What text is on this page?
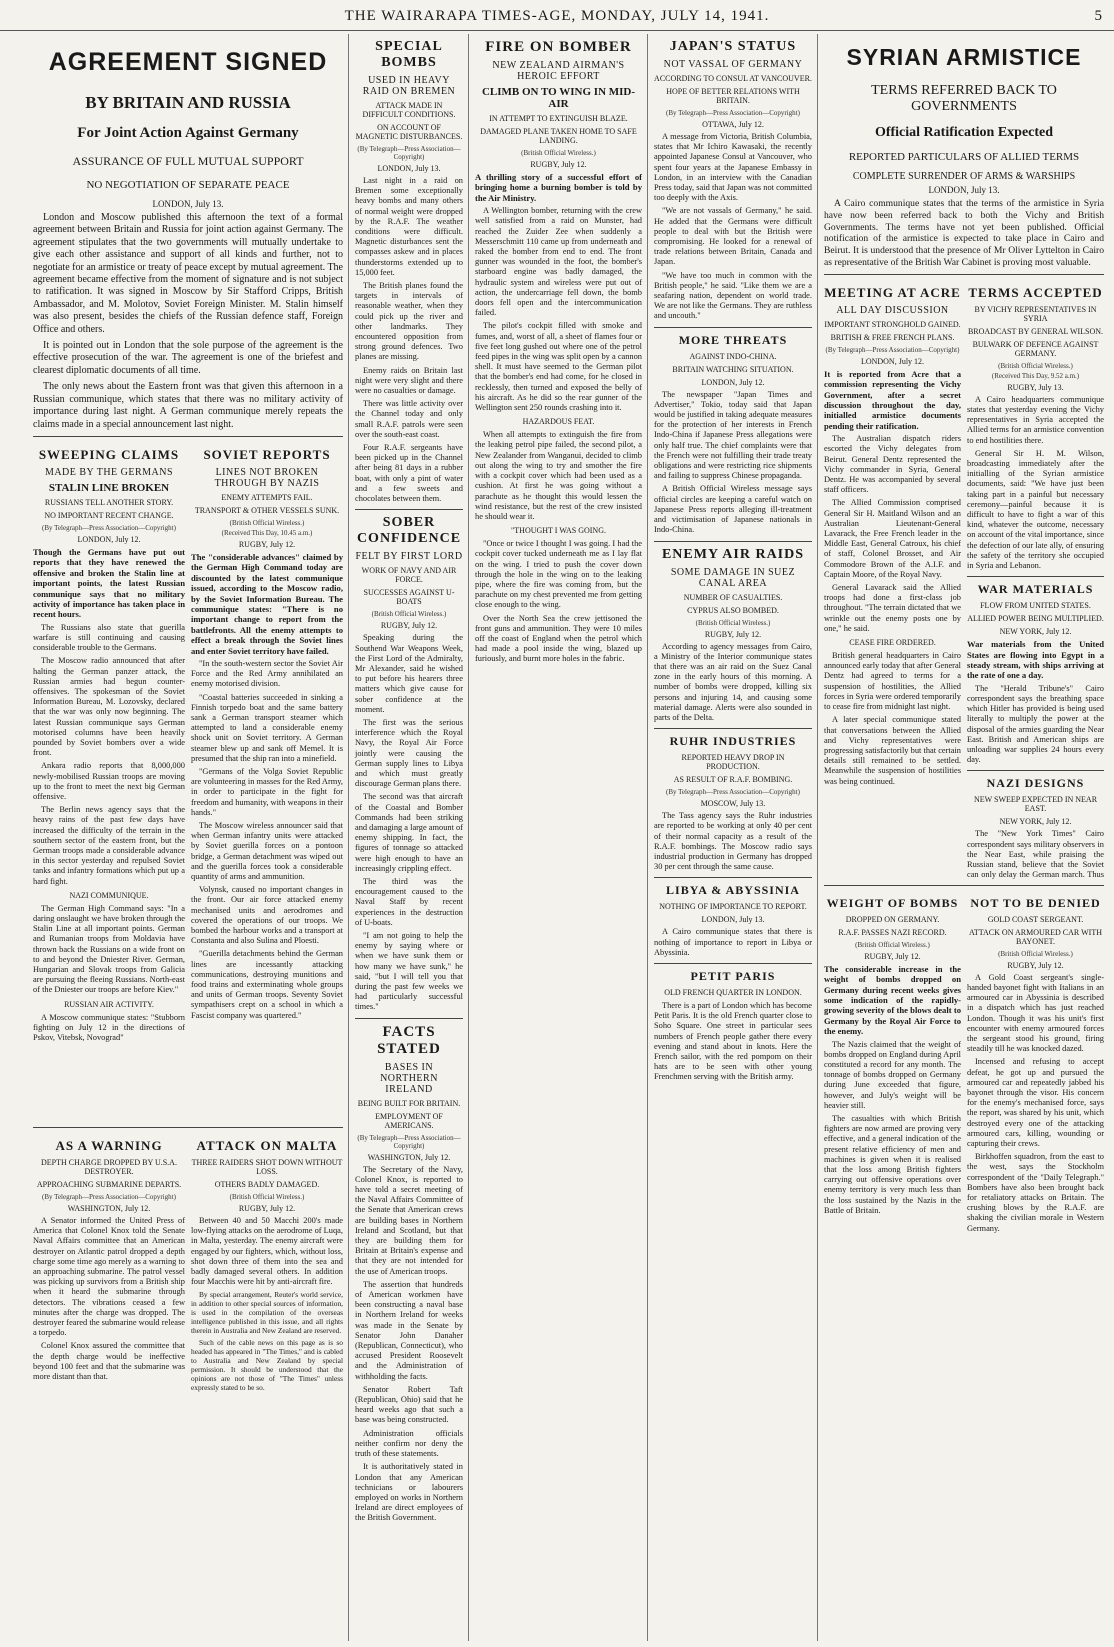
THE WAIRARAPA TIMES-AGE, MONDAY, JULY 14, 1941.	5
AGREEMENT SIGNED
BY BRITAIN AND RUSSIA
For Joint Action Against Germany
ASSURANCE OF FULL MUTUAL SUPPORT
NO NEGOTIATION OF SEPARATE PEACE
LONDON, July 13.

London and Moscow published this afternoon the text of a formal agreement between Britain and Russia for joint action against Germany. The agreement stipulates that the two governments will mutually undertake to give each other assistance and support of all kinds and further, not to negotiate for an armistice or treaty of peace except by mutual agreement. The agreement became effective from the moment of signature and is not subject to ratification. It was signed in Moscow by Sir Stafford Cripps, British Ambassador, and M. Molotov, Soviet Foreign Minister. M. Stalin himself was also present, besides the chiefs of the Russian defence staff, Foreign Office and others.

It is pointed out in London that the sole purpose of the agreement is the effective prosecution of the war. The agreement is one of the briefest and clearest diplomatic documents of all time.

The only news about the Eastern front was that given this afternoon in a Russian communique, which states that there was no military activity of importance during last night. A German communique merely repeats the claims made in a special announcement last night.

SWEEPING CLAIMS
MADE BY THE GERMANS
STALIN LINE BROKEN
RUSSIANS TELL ANOTHER STORY.
NO IMPORTANT RECENT CHANGE.
(By Telegraph—Press Association—Copyright)
LONDON, July 12.

Though the Germans have put out reports that they have renewed the offensive and broken the Stalin line at important points, the latest Russian communique says that no military activity of importance has taken place in recent hours.

The Russians also state that guerilla warfare is still continuing and causing considerable trouble to the Germans.

The Moscow radio announced that after halting the German panzer attack, the Russian armies had begun counter-offensives. The spokesman of the Soviet Information Bureau, M. Lozovsky, declared that the war was only now beginning. The latest Russian communique says German motorised columns have been heavily pounded by Soviet bombers over a wide front.

Ankara radio reports that 8,000,000 newly-mobilised Russian troops are moving up to the front to meet the next big German offensive.

The Berlin news agency says that the heavy rains of the past few days have increased the difficulty of the terrain in the southern sector of the eastern front, but the German troops made a considerable advance in this sector yesterday and repulsed Soviet tanks and infantry formations which put up a hard fight.

NAZI COMMUNIQUE.

The German High Command says: "In a daring onslaught we have broken through the Stalin Line at all important points. German and Rumanian troops from Moldavia have thrown back the Russians on a wide front on to and beyond the Dniester River. German, Hungarian and Slovak troops from Galicia are pursuing the fleeing Russians. North-east of the Dniester our troops are before Kiev."

RUSSIAN AIR ACTIVITY.

A Moscow communique states: "Stubborn fighting on July 12 in the directions of Pskov, Vitebsk, Novograd"

SOVIET REPORTS
LINES NOT BROKEN THROUGH BY NAZIS
ENEMY ATTEMPTS FAIL.
TRANSPORT & OTHER VESSELS SUNK.
(British Official Wireless.)
(Received This Day, 10.45 a.m.)
RUGBY, July 12.

The "considerable advances" claimed by the German High Command today are discounted by the latest communique issued, according to the Moscow radio, by the Soviet Information Bureau. The communique states: "There is no important change to report from the battlefronts. All the enemy attempts to effect a break through the Soviet lines and enter Soviet territory have failed.

"In the south-western sector the Soviet Air Force and the Red Army annihilated an enemy motorised division.

"Coastal batteries succeeded in sinking a Finnish torpedo boat and the same battery sank a German transport steamer which attempted to land a considerable enemy shock unit on Soviet territory. A German steamer blew up and sank off Memel. It is presumed that the ship ran into a minefield.

"Germans of the Volga Soviet Republic are volunteering in masses for the Red Army, in order to participate in the fight for freedom and humanity, with weapons in their hands."

The Moscow wireless announcer said that when German infantry units were attacked by Soviet guerilla forces on a pontoon bridge, a German detachment was wiped out and the guerilla forces took a considerable quantity of arms and ammunition.

Volynsk, caused no important changes in the front. Our air force attacked enemy mechanised units and aerodromes and covered the operations of our troops. We bombed the harbour works and a transport at Constanta and also Sulina and Ploesti.

"Guerilla detachments behind the German lines are incessantly attacking communications, destroying munitions and food trains and exterminating whole groups and units of German troops. Seventy Soviet sympathisers crept on a school in which a Fascist company was quartered."

AS A WARNING
DEPTH CHARGE DROPPED BY U.S.A. DESTROYER.
APPROACHING SUBMARINE DEPARTS.
(By Telegraph—Press Association—Copyright)
WASHINGTON, July 12.

A Senator informed the United Press of America that Colonel Knox told the Senate Naval Affairs committee that an American destroyer on Atlantic patrol dropped a depth charge some time ago merely as a warning to an approaching submarine. The patrol vessel was picking up survivors from a British ship when it heard the submarine through detectors. The vibrations ceased a few minutes after the charge was dropped. The destroyer feared the submarine would release a torpedo.

Colonel Knox assured the committee that the depth charge would be ineffective beyond 100 feet and that the submarine was more distant than that.

ATTACK ON MALTA
THREE RAIDERS SHOT DOWN WITHOUT LOSS.
OTHERS BADLY DAMAGED.
(British Official Wireless.)
RUGBY, July 12.

Between 40 and 50 Macchi 200's made low-flying attacks on the aerodrome of Luqa, in Malta, yesterday. The enemy aircraft were engaged by our fighters, which, without loss, shot down three of them into the sea and badly damaged several others. In addition four Macchis were hit by anti-aircraft fire.

By special arrangement, Reuter's world service, in addition to other special sources of information, is used in the compilation of the overseas intelligence published in this issue, and all rights therein in Australia and New Zealand are reserved.

Such of the cable news on this page as is so headed has appeared in "The Times," and is cabled to Australia and New Zealand by special permission. It should be understood that the opinions are not those of "The Times" unless expressly stated to be so.

SPECIAL BOMBS
USED IN HEAVY RAID ON BREMEN
ATTACK MADE IN DIFFICULT CONDITIONS.
ON ACCOUNT OF MAGNETIC DISTURBANCES.
(By Telegraph—Press Association—Copyright)
LONDON, July 13.

Last night in a raid on Bremen some exceptionally heavy bombs and many others of normal weight were dropped by the R.A.F. The weather conditions were difficult. Magnetic disturbances sent the compasses askew and in places thunderstorms extended up to 15,000 feet.

The British planes found the targets in intervals of reasonable weather, when they could pick up the river and other landmarks. They encountered opposition from strong ground defences. Two planes are missing.

Enemy raids on Britain last night were very slight and there were no casualties or damage.

There was little activity over the Channel today and only small R.A.F. patrols were seen over the south-east coast.

Four R.A.F. sergeants have been picked up in the Channel after being 81 days in a rubber boat, with only a pint of water and a few sweets and chocolates between them.

SOBER CONFIDENCE
FELT BY FIRST LORD
WORK OF NAVY AND AIR FORCE.
SUCCESSES AGAINST U-BOATS
(British Official Wireless.)
RUGBY, July 12.

Speaking during the Southend War Weapons Week, the First Lord of the Admiralty, Mr Alexander, said he wished to put before his hearers three matters which give cause for sober confidence at the moment.

The first was the serious interference which the Royal Navy, the Royal Air Force jointly were causing the German supply lines to Libya and which must greatly discourage German plans there.

The second was that aircraft of the Coastal and Bomber Commands had been striking and damaging a large amount of enemy shipping. In fact, the figures of tonnage so attacked were high enough to have an increasingly crippling effect.

The third was the encouragement caused to the Naval Staff by recent experiences in the destruction of U-boats.

"I am not going to help the enemy by saying where or when we have sunk them or how many we have sunk," he said, "but I will tell you that during the past few weeks we had particularly successful times."

FACTS STATED
BASES IN NORTHERN IRELAND
BEING BUILT FOR BRITAIN.
EMPLOYMENT OF AMERICANS.
(By Telegraph—Press Association—Copyright)
WASHINGTON, July 12.

The Secretary of the Navy, Colonel Knox, is reported to have told a secret meeting of the Naval Affairs Committee of the Senate that American crews are building bases in Northern Ireland and Scotland, but that they are building them for Britain at Britain's expense and that they are not intended for the use of American troops.

The assertion that hundreds of American workmen have been constructing a naval base in Northern Ireland for weeks was made in the Senate by Senator John Danaher (Republican, Connecticut), who accused President Roosevelt and the Administration of withholding the facts.

Senator Robert Taft (Republican, Ohio) said that he heard weeks ago that such a base was being constructed.

Administration officials neither confirm nor deny the truth of these statements.

It is authoritatively stated in London that any American technicians or labourers employed on works in Northern Ireland are direct employees of the British Government.

FIRE ON BOMBER
NEW ZEALAND AIRMAN'S HEROIC EFFORT
CLIMB ON TO WING IN MID-AIR
IN ATTEMPT TO EXTINGUISH BLAZE.
DAMAGED PLANE TAKEN HOME TO SAFE LANDING.
(British Official Wireless.)
RUGBY, July 12.

A thrilling story of a successful effort of bringing home a burning bomber is told by the Air Ministry.

A Wellington bomber, returning with the crew well satisfied from a raid on Munster, had reached the Zuider Zee when suddenly a Messerschmitt 110 came up from underneath and raked the bomber from end to end. The front gunner was wounded in the foot, the bomber's starboard engine was badly damaged, the hydraulic system and wireless were put out of action, the undercarriage fell down, the bomb doors fell open and the intercommunication failed.

The pilot's cockpit filled with smoke and fumes, and, worst of all, a sheet of flames four or five feet long gushed out where one of the petrol feed pipes in the wing was split open by a cannon shell. It must have seemed to the German pilot that the bomber's end had come, for he closed in recklessly, then turned and exposed the belly of his aircraft. As he did so the rear gunner of the Wellington sent 250 rounds crashing into it.

HAZARDOUS FEAT.

When all attempts to extinguish the fire from the leaking petrol pipe failed, the second pilot, a New Zealander from Wanganui, decided to climb out along the wing to try and smother the fire with a cockpit cover which had been used as a cushion. At first he was going without a parachute as he thought this would lessen the wind resistance, but the rest of the crew insisted he should wear it.

"THOUGHT I WAS GOING.

"Once or twice I thought I was going. I had the cockpit cover tucked underneath me as I lay flat on the wing. I tried to push the cover down through the hole in the wing on to the leaking pipe, where the fire was coming from, but the parachute on my chest prevented me from getting close enough to the wing.

Over the North Sea the crew jettisoned the front guns and ammunition. They were 10 miles off the coast of England when the petrol which had made a pool inside the wing, blazed up furiously, and burnt more holes in the fabric.

JAPAN'S STATUS
NOT VASSAL OF GERMANY
ACCORDING TO CONSUL AT VANCOUVER.
HOPE OF BETTER RELATIONS WITH BRITAIN.
(By Telegraph—Press Association—Copyright)
OTTAWA, July 12.

A message from Victoria, British Columbia, states that Mr Ichiro Kawasaki, the recently appointed Japanese Consul at Vancouver, who spent four years at the Japanese Embassy in London, in an interview with the Canadian Press today, said that Japan was not committed too deeply with the Axis.

"We are not vassals of Germany," he said. He added that the Germans were difficult people to deal with but the British were compromising. He looked for a renewal of trade relations between Britain, Canada and Japan.

"We have too much in common with the British people," he said. "Like them we are a seafaring nation, dependent on world trade. We are not like the Germans. They are ruthless and uncouth."

MORE THREATS
AGAINST INDO-CHINA.
BRITAIN WATCHING SITUATION.
LONDON, July 12.

The newspaper "Japan Times and Advertiser," Tokio, today said that Japan would be justified in taking adequate measures for the protection of her interests in French Indo-China if Japanese Press allegations were only half true. The chief complaints were that the French were not fulfilling their trade treaty obligations and were restricting rice shipments and failing to suppress Chinese propaganda.

A British Official Wireless message says official circles are keeping a careful watch on Japanese Press reports alleging ill-treatment and victimisation of Japanese nationals in Indo-China.

ENEMY AIR RAIDS
SOME DAMAGE IN SUEZ CANAL AREA
NUMBER OF CASUALTIES.
CYPRUS ALSO BOMBED.
(British Official Wireless.)
RUGBY, July 12.

According to agency messages from Cairo, a Ministry of the Interior communique states that there was an air raid on the Suez Canal zone in the early hours of this morning. A number of bombs were dropped, killing six persons and injuring 14, and causing some material damage. Alerts were also sounded in parts of the Delta.

RUHR INDUSTRIES
REPORTED HEAVY DROP IN PRODUCTION.
AS RESULT OF R.A.F. BOMBING.
(By Telegraph—Press Association—Copyright)
MOSCOW, July 13.

The Tass agency says the Ruhr industries are reported to be working at only 40 per cent of their normal capacity as a result of the R.A.F. bombings. The Moscow radio says industrial production in Germany has dropped 30 per cent through the same cause.

LIBYA & ABYSSINIA
NOTHING OF IMPORTANCE TO REPORT.
LONDON, July 13.

A Cairo communique states that there is nothing of importance to report in Libya or Abyssinia.

PETIT PARIS
OLD FRENCH QUARTER IN LONDON.

There is a part of London which has become Petit Paris. It is the old French quarter close to Soho Square. One street in particular sees numbers of French people gather there every evening and stand about in knots. Here the French sailor, with the red pompom on their hats are to be seen with other young Frenchmen serving with the British army.

SYRIAN ARMISTICE
TERMS REFERRED BACK TO GOVERNMENTS
Official Ratification Expected
REPORTED PARTICULARS OF ALLIED TERMS
COMPLETE SURRENDER OF ARMS & WARSHIPS
LONDON, July 13.

A Cairo communique states that the terms of the armistice in Syria have now been referred back to both the Vichy and British Governments. The terms have not yet been published. Official notification of the armistice is expected to take place in Cairo and Beirut. It is understood that the presence of Mr Oliver Lyttelton in Cairo as representative of the British War Cabinet is proving most valuable.

MEETING AT ACRE
ALL DAY DISCUSSION
IMPORTANT STRONGHOLD GAINED.
BRITISH & FREE FRENCH PLANS.
(By Telegraph—Press Association—Copyright)
LONDON, July 12.

It is reported from Acre that a commission representing the Vichy Government, after a secret discussion throughout the day, initialled armistice documents pending their ratification.

The Australian dispatch riders escorted the Vichy delegates from Beirut. General Dentz represented the Vichy commander in Syria, General Dentz. He was accompanied by several staff officers.

The Allied Commission comprised General Sir H. Maitland Wilson and an Australian Lieutenant-General Lavarack, the Free French leader in the Middle East, General Catroux, his chief of staff, Colonel Brosset, and Air Commodore Brown of the A.I.F. and Captain Moore, of the Royal Navy.

General Lavarack said the Allied troops had done a first-class job throughout. "The terrain dictated that we wrinkle out the enemy posts one by one," he said.

CEASE FIRE ORDERED.

British general headquarters in Cairo announced early today that after General Dentz had agreed to terms for a suspension of hostilities, the Allied forces in Syria were ordered temporarily to cease fire from midnight last night.

A later special communique stated that conversations between the Allied and Vichy representatives were progressing satisfactorily but that certain details still remained to be settled. Meanwhile the suspension of hostilities was being continued.

TERMS ACCEPTED
BY VICHY REPRESENTATIVES IN SYRIA
BROADCAST BY GENERAL WILSON.
BULWARK OF DEFENCE AGAINST GERMANY.
(British Official Wireless.)
(Received This Day, 9.52 a.m.)
RUGBY, July 13.

A Cairo headquarters communique states that yesterday evening the Vichy representatives in Syria accepted the Allied terms for an armistice convention to end hostilities there.

General Sir H. M. Wilson, broadcasting immediately after the initialling of the Syrian armistice documents, said: "We have just been taking part in a painful but necessary ceremony—painful because it is difficult to have to fight a war of this kind, whatever the outcome, necessary on account of the vital importance, since the defection of our late ally, of ensuring the safety of the territory she occupied in Syria and Lebanon.

WAR MATERIALS
FLOW FROM UNITED STATES.
ALLIED POWER BEING MULTIPLIED.
NEW YORK, July 12.

War materials from the United States are flowing into Egypt in a steady stream, with ships arriving at the rate of one a day.

The "Herald Tribune's" Cairo correspondent says the breathing space which Hitler has provided is being used literally to multiply the power at the disposal of the armies guarding the Near East. British and American ships are unloading war supplies 24 hours every day.

NAZI DESIGNS
NEW SWEEP EXPECTED IN NEAR EAST.
NEW YORK, July 12.

The "New York Times" Cairo correspondent says military observers in the Near East, while praising the Russian stand, believe that the Soviet can only delay the German march. Thus

WEIGHT OF BOMBS
DROPPED ON GERMANY.
R.A.F. PASSES NAZI RECORD.
(British Official Wireless.)
RUGBY, July 12.

The considerable increase in the weight of bombs dropped on Germany during recent weeks gives some indication of the rapidly-growing severity of the blows dealt to Germany by the Royal Air Force to the enemy.

The Nazis claimed that the weight of bombs dropped on England during April constituted a record for any month. The tonnage of bombs dropped on Germany during June exceeded that figure, however, and July's weight will be heavier still.

The casualties with which British fighters are now armed are proving very effective, and a general indication of the present relative efficiency of men and machines is given when it is realised that the loss among British fighters carrying out offensive operations over enemy territory is very much less than the loss sustained by the Nazis in the Battle of Britain.

NOT TO BE DENIED
GOLD COAST SERGEANT.
ATTACK ON ARMOURED CAR WITH BAYONET.
(British Official Wireless.)
RUGBY, July 12.

A Gold Coast sergeant's single-handed bayonet fight with Italians in an armoured car in Abyssinia is described in a dispatch which has just reached London. Though it was his unit's first encounter with enemy armoured forces the sergeant stood his ground, firing steadily till he was knocked dazed.

Incensed and refusing to accept defeat, he got up and pursued the armoured car and repeatedly jabbed his bayonet through the visor. His concern for the enemy's mechanised force, says the report, was shared by his unit, which destroyed every one of the attacking armoured cars, killing, wounding or capturing their crews.

Birkhoffen squadron, from the east to the west, says the Stockholm correspondent of the "Daily Telegraph." Bombers have also been brought back for retaliatory attacks on Britain. The crushing blows by the R.A.F. are shaking the civilian morale in Western Germany.
